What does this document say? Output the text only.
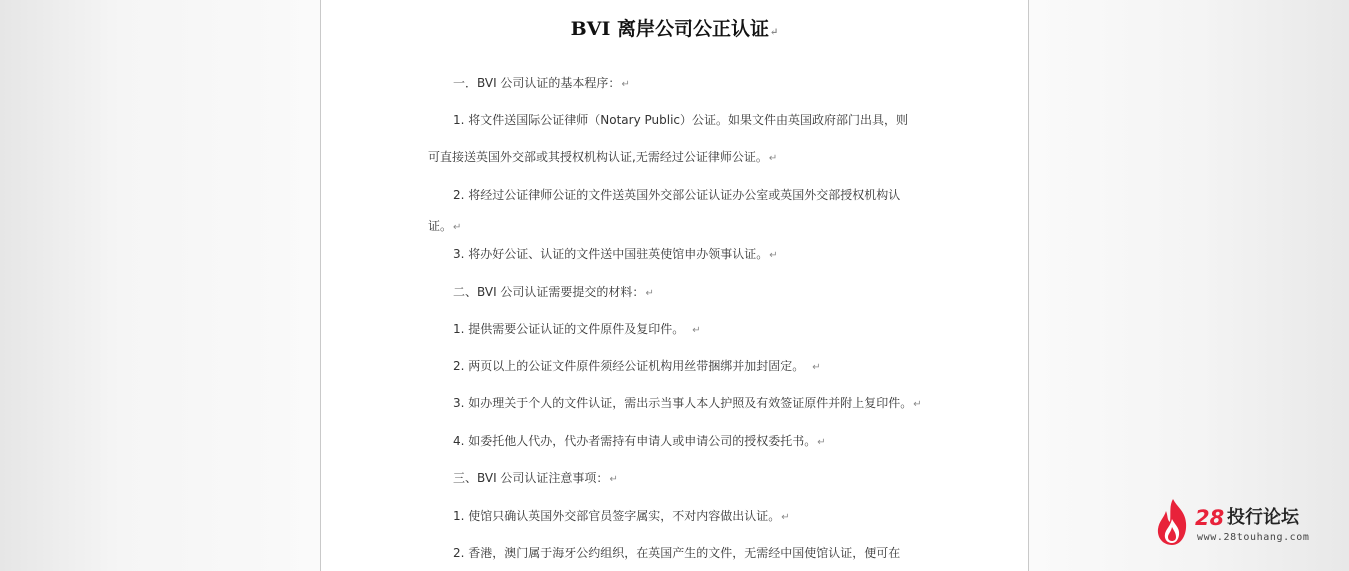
BVI 离岸公司公正认证↵
一．BVI 公司认证的基本程序：↵
1. 将文件送国际公证律师（Notary Public）公证。如果文件由英国政府部门出具，则
可直接送英国外交部或其授权机构认证,无需经过公证律师公证。↵
2. 将经过公证律师公证的文件送英国外交部公证认证办公室或英国外交部授权机构认
证。↵
3. 将办好公证、认证的文件送中国驻英使馆申办领事认证。↵
二、BVI 公司认证需要提交的材料：↵
1. 提供需要公证认证的文件原件及复印件。 ↵
2. 两页以上的公证文件原件须经公证机构用丝带捆绑并加封固定。 ↵
3. 如办理关于个人的文件认证，需出示当事人本人护照及有效签证原件并附上复印件。↵
4. 如委托他人代办，代办者需持有申请人或申请公司的授权委托书。↵
三、BVI 公司认证注意事项：↵
1. 使馆只确认英国外交部官员签字属实，不对内容做出认证。↵
2. 香港，澳门属于海牙公约组织，在英国产生的文件，无需经中国使馆认证，便可在
28 投行论坛
www.28touhang.com
